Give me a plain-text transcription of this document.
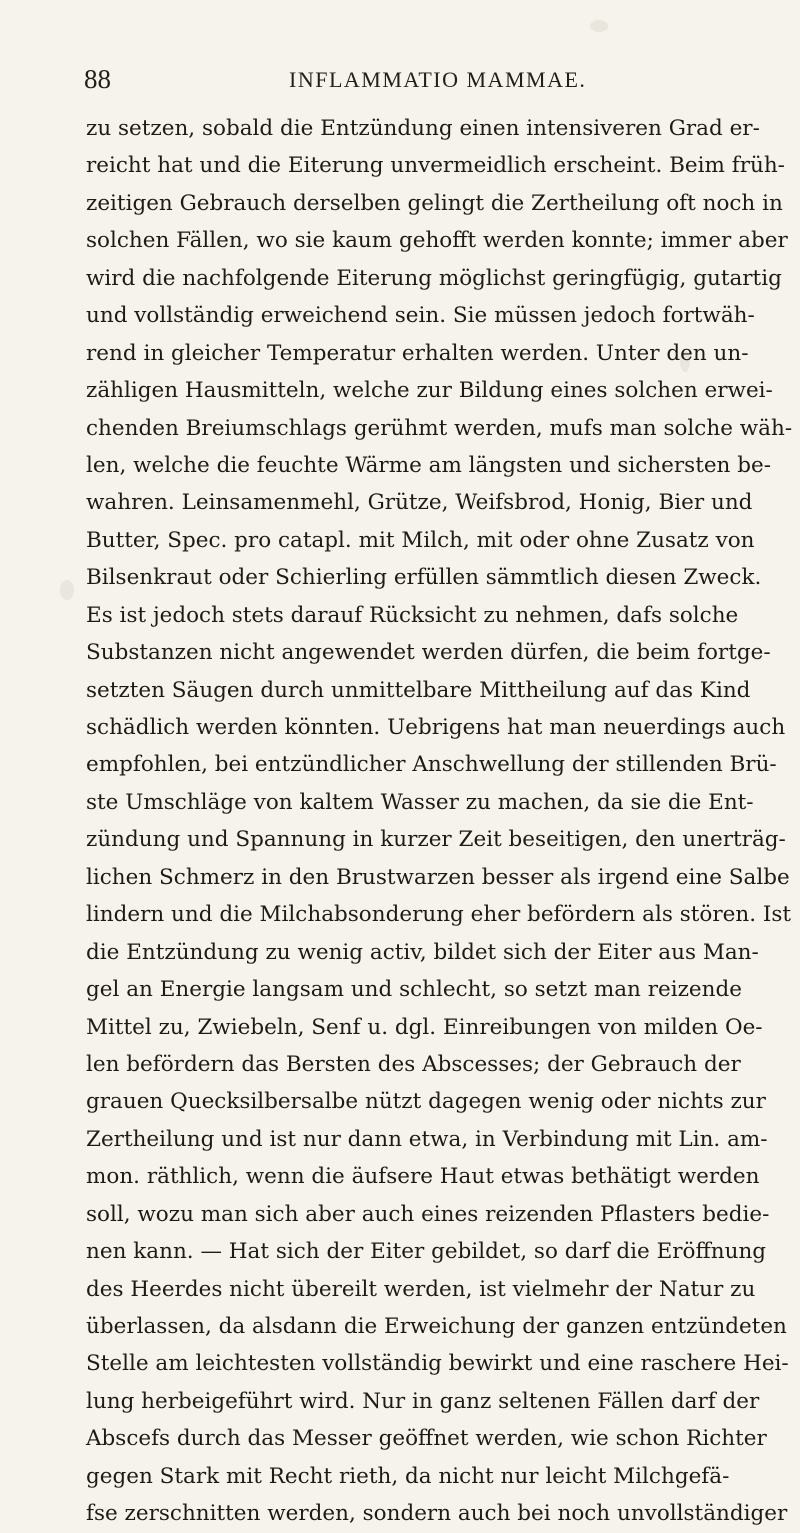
88	INFLAMMATIO MAMMAE.
zu setzen, sobald die Entzündung einen intensiveren Grad er-
reicht hat und die Eiterung unvermeidlich erscheint. Beim früh-
zeitigen Gebrauch derselben gelingt die Zertheilung oft noch in
solchen Fällen, wo sie kaum gehofft werden konnte; immer aber
wird die nachfolgende Eiterung möglichst geringfügig, gutartig
und vollständig erweichend sein. Sie müssen jedoch fortwäh-
rend in gleicher Temperatur erhalten werden. Unter den un-
zähligen Hausmitteln, welche zur Bildung eines solchen erwei-
chenden Breiumschlags gerühmt werden, mufs man solche wäh-
len, welche die feuchte Wärme am längsten und sichersten be-
wahren. Leinsamenmehl, Grütze, Weifsbrod, Honig, Bier und
Butter, Spec. pro catapl. mit Milch, mit oder ohne Zusatz von
Bilsenkraut oder Schierling erfüllen sämmtlich diesen Zweck.
Es ist jedoch stets darauf Rücksicht zu nehmen, dafs solche
Substanzen nicht angewendet werden dürfen, die beim fortge-
setzten Säugen durch unmittelbare Mittheilung auf das Kind
schädlich werden könnten. Uebrigens hat man neuerdings auch
empfohlen, bei entzündlicher Anschwellung der stillenden Brü-
ste Umschläge von kaltem Wasser zu machen, da sie die Ent-
zündung und Spannung in kurzer Zeit beseitigen, den unerträg-
lichen Schmerz in den Brustwarzen besser als irgend eine Salbe
lindern und die Milchabsonderung eher befördern als stören. Ist
die Entzündung zu wenig activ, bildet sich der Eiter aus Man-
gel an Energie langsam und schlecht, so setzt man reizende
Mittel zu, Zwiebeln, Senf u. dgl. Einreibungen von milden Oe-
len befördern das Bersten des Abscesses; der Gebrauch der
grauen Quecksilbersalbe nützt dagegen wenig oder nichts zur
Zertheilung und ist nur dann etwa, in Verbindung mit Lin. am-
mon. räthlich, wenn die äufsere Haut etwas bethätigt werden
soll, wozu man sich aber auch eines reizenden Pflasters bedie-
nen kann. — Hat sich der Eiter gebildet, so darf die Eröffnung
des Heerdes nicht übereilt werden, ist vielmehr der Natur zu
überlassen, da alsdann die Erweichung der ganzen entzündeten
Stelle am leichtesten vollständig bewirkt und eine raschere Hei-
lung herbeigeführt wird. Nur in ganz seltenen Fällen darf der
Abscefs durch das Messer geöffnet werden, wie schon Richter
gegen Stark mit Recht rieth, da nicht nur leicht Milchgefä-
fse zerschnitten werden, sondern auch bei noch unvollständiger
